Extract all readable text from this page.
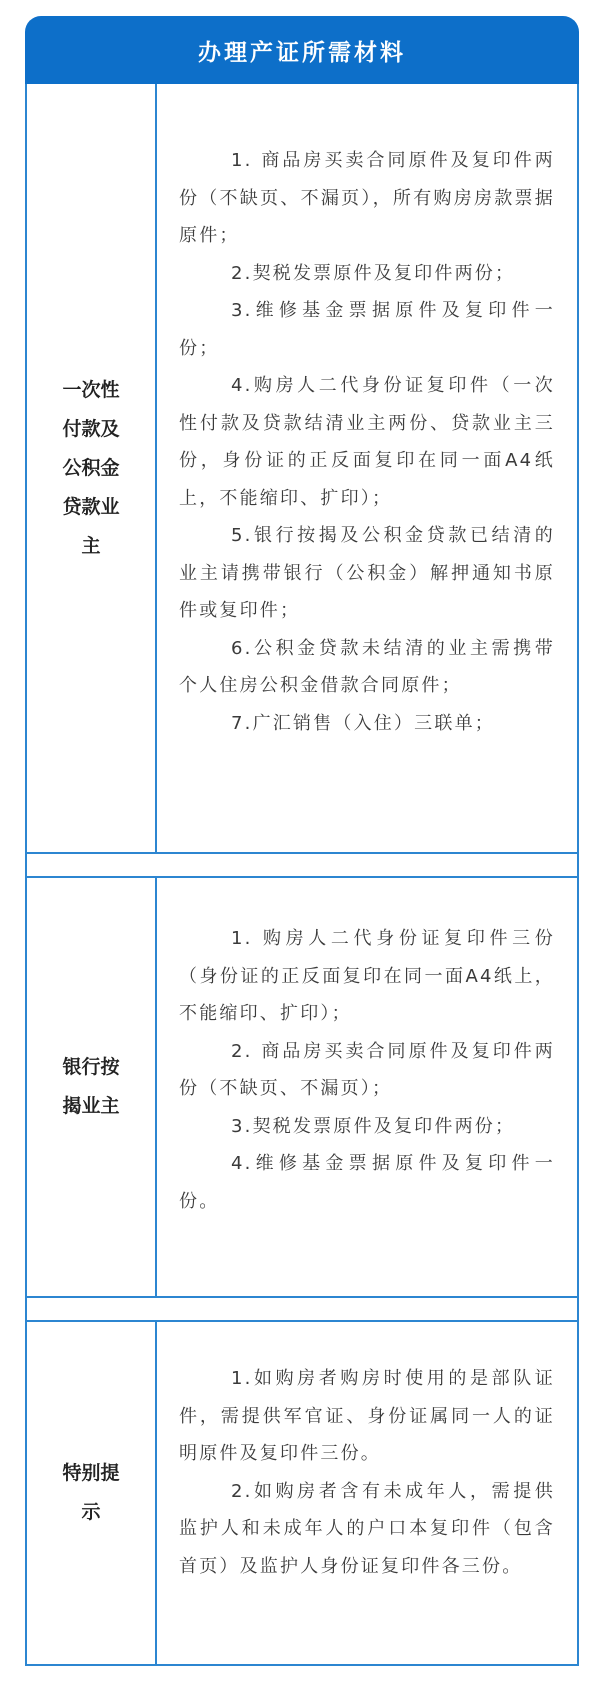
办理产证所需材料
一次性付款及公积金贷款业主

1. 商品房买卖合同原件及复印件两份（不缺页、不漏页），所有购房房款票据原件；

2.契税发票原件及复印件两份；

3.维修基金票据原件及复印件一份；

4.购房人二代身份证复印件（一次性付款及贷款结清业主两份、贷款业主三份，身份证的正反面复印在同一面A4纸上，不能缩印、扩印）；

5.银行按揭及公积金贷款已结清的业主请携带银行（公积金）解押通知书原件或复印件；

6.公积金贷款未结清的业主需携带个人住房公积金借款合同原件；

7.广汇销售（入住）三联单；

银行按揭业主

1. 购房人二代身份证复印件三份（身份证的正反面复印在同一面A4纸上，不能缩印、扩印）；

2. 商品房买卖合同原件及复印件两份（不缺页、不漏页）；

3.契税发票原件及复印件两份；

4.维修基金票据原件及复印件一份。

特别提示

1.如购房者购房时使用的是部队证件，需提供军官证、身份证属同一人的证明原件及复印件三份。

2.如购房者含有未成年人，需提供监护人和未成年人的户口本复印件（包含首页）及监护人身份证复印件各三份。
